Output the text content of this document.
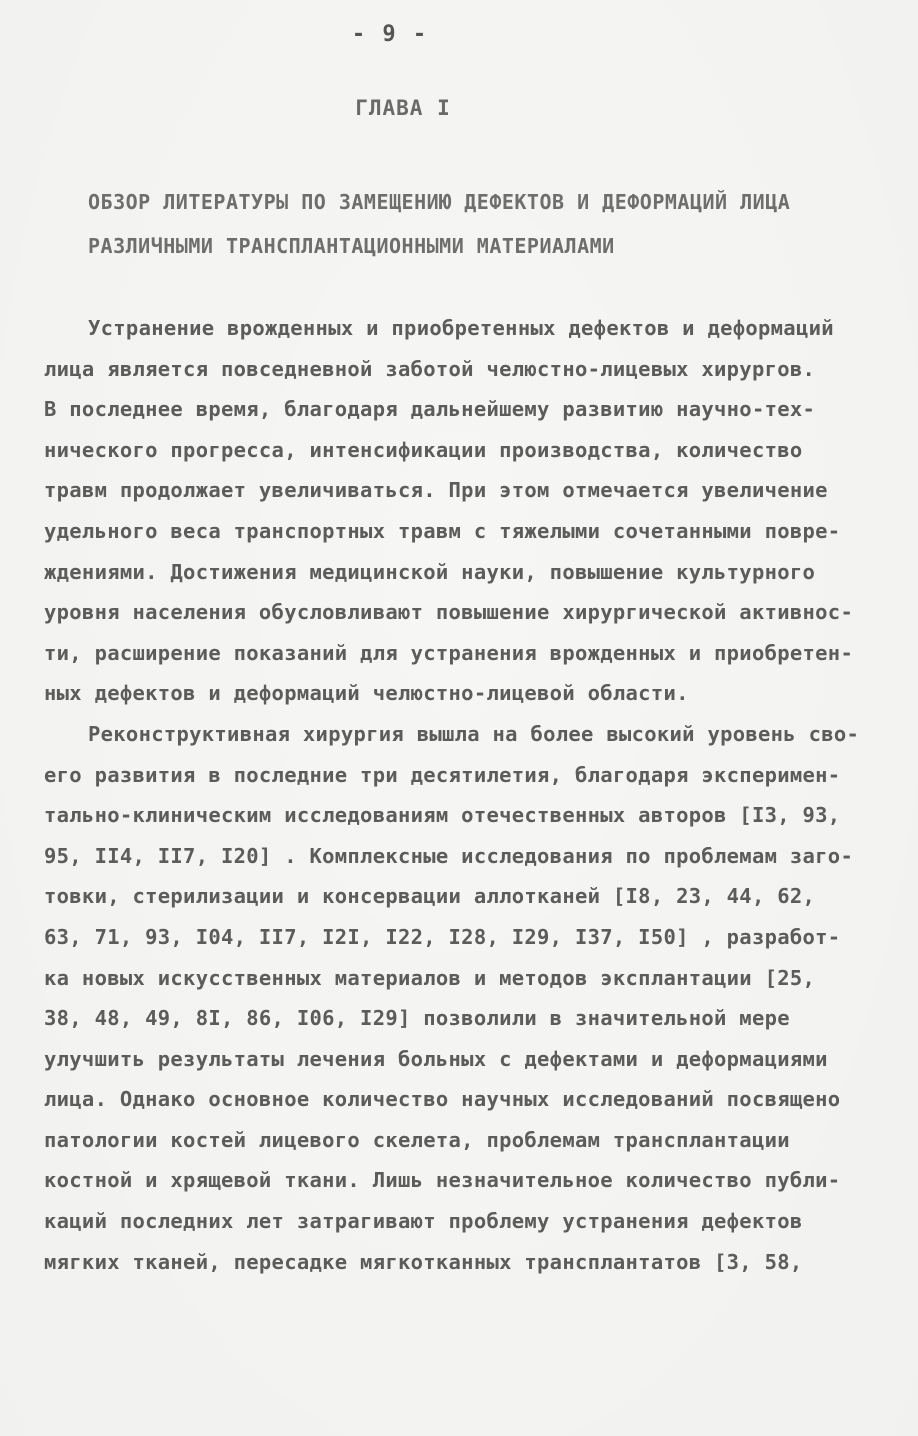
- 9 -
ГЛАВА I
ОБЗОР ЛИТЕРАТУРЫ ПО ЗАМЕЩЕНИЮ ДЕФЕКТОВ И ДЕФОРМАЦИЙ ЛИЦА
РАЗЛИЧНЫМИ ТРАНСПЛАНТАЦИОННЫМИ МАТЕРИАЛАМИ
Устранение врожденных и приобретенных дефектов и деформаций
лица является повседневной заботой челюстно-лицевых хирургов.
В последнее время, благодаря дальнейшему развитию научно-тех-
нического прогресса, интенсификации производства, количество
травм продолжает увеличиваться. При этом отмечается увеличение
удельного веса транспортных травм с тяжелыми сочетанными повре-
ждениями. Достижения медицинской науки, повышение культурного
уровня населения обусловливают повышение хирургической активнос-
ти, расширение показаний для устранения врожденных и приобретен-
ных дефектов и деформаций челюстно-лицевой области.
Реконструктивная хирургия вышла на более высокий уровень сво-
его развития в последние три десятилетия, благодаря эксперимен-
тально-клиническим исследованиям отечественных авторов [I3, 93,
95, II4, II7, I20] . Комплексные исследования по проблемам заго-
товки, стерилизации и консервации аллотканей [I8, 23, 44, 62,
63, 71, 93, I04, II7, I2I, I22, I28, I29, I37, I50] , разработ-
ка новых искусственных материалов и методов эксплантации [25,
38, 48, 49, 8I, 86, I06, I29] позволили в значительной мере
улучшить результаты лечения больных с дефектами и деформациями
лица. Однако основное количество научных исследований посвящено
патологии костей лицевого скелета, проблемам трансплантации
костной и хрящевой ткани. Лишь незначительное количество публи-
каций последних лет затрагивают проблему устранения дефектов
мягких тканей, пересадке мягкотканных трансплантатов [3, 58,
